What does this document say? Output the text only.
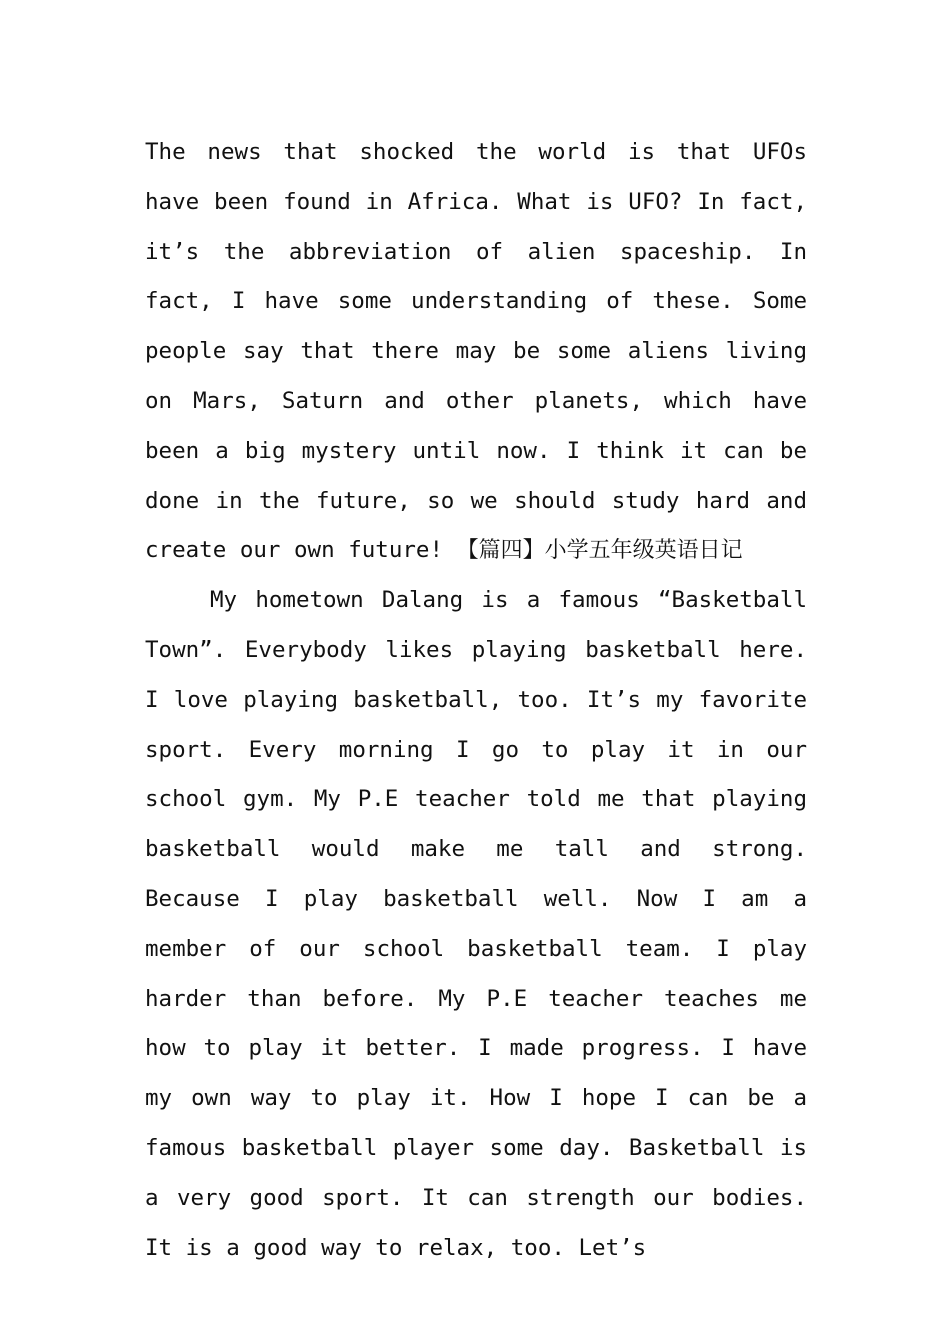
The news that shocked the world is that UFOs have been found in Africa. What is UFO? In fact, it’s the abbreviation of alien spaceship. In fact, I have some understanding of these. Some people say that there may be some aliens living on Mars, Saturn and other planets, which have been a big mystery until now. I think it can be done in the future, so we should study hard and create our own future! 【篇四】小学五年级英语日记

My hometown Dalang is a famous “Basketball Town”. Everybody likes playing basketball here. I love playing basketball, too. It’s my favorite sport. Every morning I go to play it in our school gym. My P.E teacher told me that playing basketball would make me tall and strong. Because I play basketball well. Now I am a member of our school basketball team. I play harder than before. My P.E teacher teaches me how to play it better. I made progress. I have my own way to play it. How I hope I can be a famous basketball player some day. Basketball is a very good sport. It can strength our bodies. It is a good way to relax, too. Let’s
